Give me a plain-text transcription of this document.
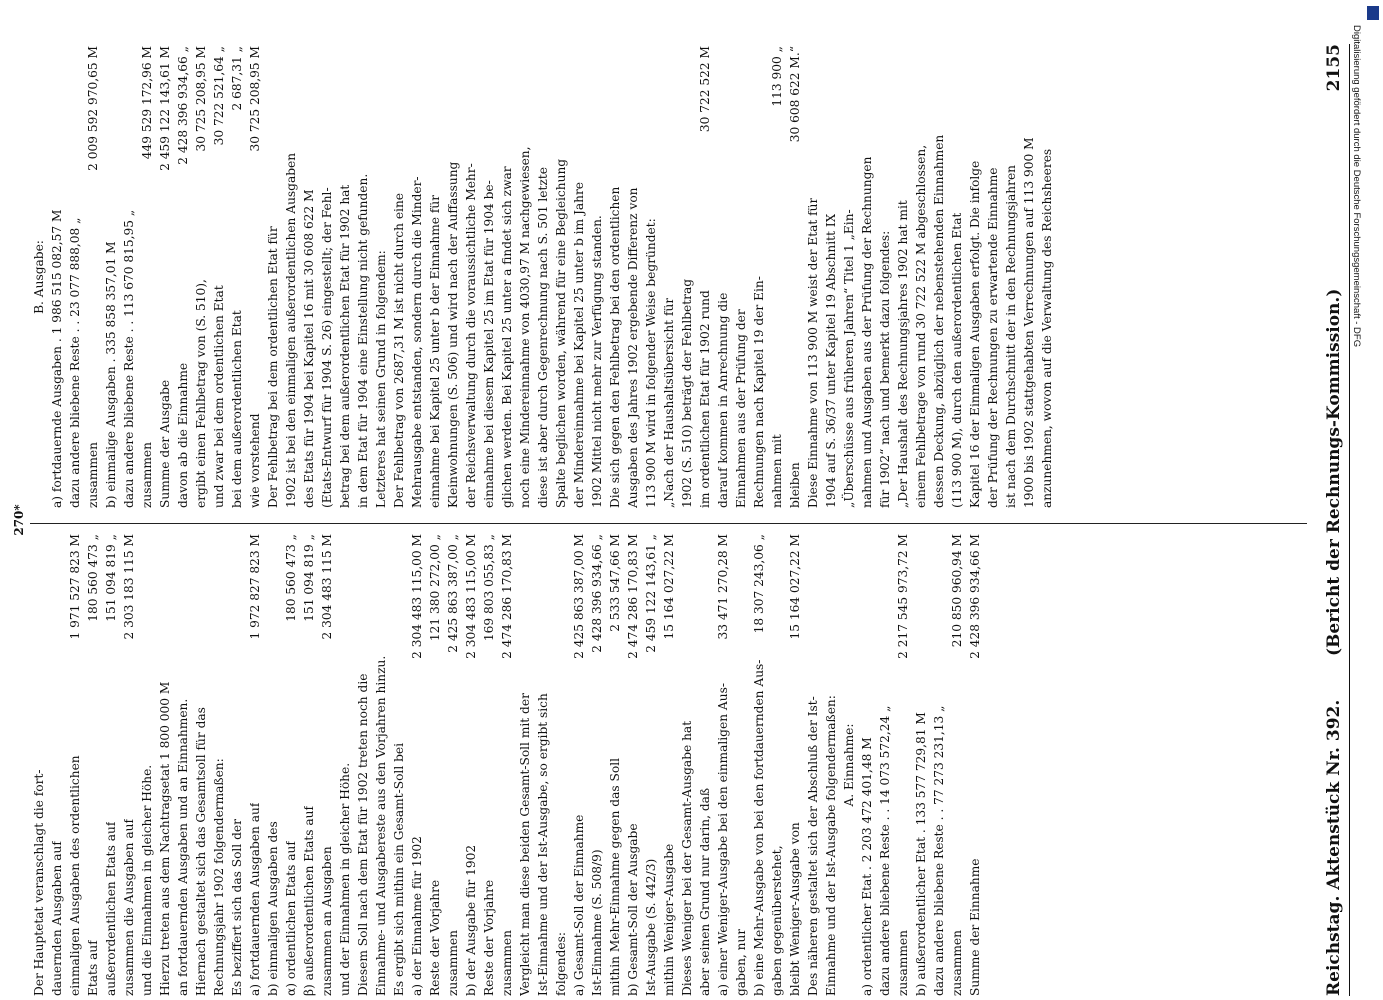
Digitalisierung gefördert durch die Deutsche Forschungsgemeinschaft - DFG
Reichstag. Aktenstück Nr. 392.
(Bericht der Rechnungs-Kommission.)
2155
Der Hauptetat veranschlagt die fort- dauernden Ausgaben auf einmaligen Ausgaben des ordentlichen
1 971 527 823 M
Etats auf
180 560 473 „
außerordentlichen Etats auf
151 094 819 „
zusammen die Ausgaben auf
2 303 183 115 M
und die Einnahmen in gleicher Höhe. Hierzu treten aus dem Nachtragsetat 1 800 000 M an fortdauernden Ausgaben und an Einnahmen. Hiernach gestaltet sich das Gesamtsoll für das Rechnungsjahr 1902 folgendermaßen: Es beziffert sich das Soll der a) fortdauernden Ausgaben auf
1 972 827 823 M
b) einmaligen Ausgaben des α) ordentlichen Etats auf
180 560 473 „
β) außerordentlichen Etats auf
151 094 819 „
zusammen an Ausgaben
2 304 483 115 M
und der Einnahmen in gleicher Höhe. Diesem Soll nach dem Etat für 1902 treten noch die Einnahme- und Ausgabereste aus den Vorjahren hinzu. Es ergibt sich mithin ein Gesamt-Soll bei a) der Einnahme für 1902
2 304 483 115,00 M
Reste der Vorjahre
121 380 272,00 „
zusammen
2 425 863 387,00 „
b) der Ausgabe für 1902
2 304 483 115,00 M
Reste der Vorjahre
169 803 055,83 „
zusammen
2 474 286 170,83 M
Vergleicht man diese beiden Gesamt-Soll mit der Ist-Einnahme und der Ist-Ausgabe, so ergibt sich folgendes: a) Gesamt-Soll der Einnahme
2 425 863 387,00 M
Ist-Einnahme (S. 508/9)
2 428 396 934,66 „
mithin Mehr-Einnahme gegen das Soll
2 533 547,66 M
b) Gesamt-Soll der Ausgabe
2 474 286 170,83 M
Ist-Ausgabe (S. 442/3)
2 459 122 143,61 „
mithin Weniger-Ausgabe
15 164 027,22 M
Dieses Weniger bei der Gesamt-Ausgabe hat aber seinen Grund nur darin, daß a) einer Weniger-Ausgabe bei den einmaligen Aus-
33 471 270,28 M
gaben, nur b) eine Mehr-Ausgabe von bei den fortdauernden Aus-
18 307 243,06 „
gaben gegenüberstehet, bleibt Weniger-Ausgabe von
15 164 027,22 M
Des näheren gestaltet sich der Abschluß der Ist- Einnahme und der Ist-Ausgabe folgendermaßen: A. Einnahme: a) ordentlicher Etat . 2 203 472 401,48 M dazu andere bliebene Reste . . 14 073 572,24 „ zusammen
2 217 545 973,72 M
b) außerordentlicher Etat . 133 577 729,81 M dazu andere bliebene Reste . . 77 273 231,13 „ zusammen
210 850 960,94 M
Summe der Einnahme
2 428 396 934,66 M
B. Ausgabe: a) fortdauernde Ausgaben . 1 986 515 082,57 M dazu andere bliebene Reste . . 23 077 888,08 „ zusammen
2 009 592 970,65 M
b) einmalige Ausgaben . 335 858 357,01 M dazu andere bliebene Reste . . 113 670 815,95 „ zusammen
449 529 172,96 M
Summe der Ausgabe
2 459 122 143,61 M
davon ab die Einnahme
2 428 396 934,66 „
ergibt einen Fehlbetrag von (S. 510),
30 725 208,95 M
und zwar bei dem ordentlichen Etat
30 722 521,64 „
bei dem außerordentlichen Etat
2 687,31 „
wie vorstehend
30 725 208,95 M
Der Fehlbetrag bei dem ordentlichen Etat für 1902 ist bei den einmaligen außerordentlichen Ausgaben des Etats für 1904 bei Kapitel 16 mit 30 608 622 M (Etats-Entwurf für 1904 S. 26) eingestellt; der Fehl- betrag bei dem außerordentlichen Etat für 1902 hat in dem Etat für 1904 eine Einstellung nicht gefunden. Letzteres hat seinen Grund in folgendem: Der Fehlbetrag von 2687,31 M ist nicht durch eine Mehrausgabe entstanden, sondern durch die Minder- einnahme bei Kapitel 25 unter b der Einnahme für Kleinwohnungen (S. 506) und wird nach der Auffassung der Reichsverwaltung durch die voraussichtliche Mehr- einnahme bei diesem Kapitel 25 im Etat für 1904 be- glichen werden. Bei Kapitel 25 unter a findet sich zwar noch eine Mindereinnahme von 4030,97 M nachgewiesen, diese ist aber durch Gegenrechnung nach S. 501 letzte Spalte beglichen worden, während für eine Begleichung der Mindereinnahme bei Kapitel 25 unter b im Jahre 1902 Mittel nicht mehr zur Verfügung standen. Die sich gegen den Fehlbetrag bei den ordentlichen Ausgaben des Jahres 1902 ergebende Differenz von 113 900 M wird in folgender Weise begründet: „Nach der Haushaltsübersicht für 1902 (S. 510) beträgt der Fehlbetrag im ordentlichen Etat für 1902 rund
30 722 522 M
darauf kommen in Anrechnung die Einnahmen aus der Prüfung der Rechnungen nach Kapitel 19 der Ein- nahmen mit
113 900 „
bleiben
30 608 622 M.“
Diese Einnahme von 113 900 M weist der Etat für 1904 auf S. 36/37 unter Kapitel 19 Abschnitt IX „Überschüsse aus früheren Jahren“ Titel 1 „Ein- nahmen und Ausgaben aus der Prüfung der Rechnungen für 1902“ nach und bemerkt dazu folgendes: „Der Haushalt des Rechnungsjahres 1902 hat mit einem Fehlbetrage von rund 30 722 522 M abgeschlossen, dessen Deckung, abzüglich der nebenstehenden Einnahmen (113 900 M), durch den außerordentlichen Etat Kapitel 16 der Einmaligen Ausgaben erfolgt. Die infolge der Prüfung der Rechnungen zu erwartende Einnahme ist nach dem Durchschnitt der in den Rechnungsjahren 1900 bis 1902 stattgehabten Verrechnungen auf 113 900 M anzunehmen, wovon auf die Verwaltung des Reichsheeres
270*
